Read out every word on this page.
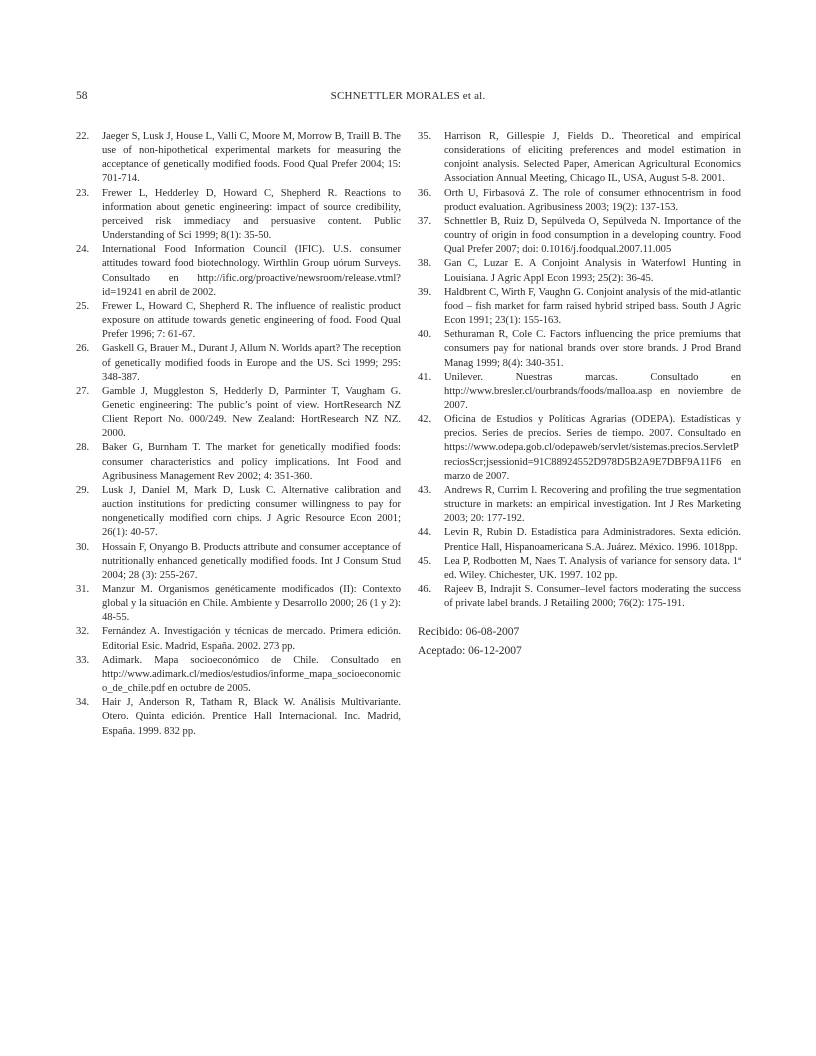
58	SCHNETTLER MORALES et al.
22. Jaeger S, Lusk J, House L, Valli C, Moore M, Morrow B, Traill B. The use of non-hipothetical experimental markets for measuring the acceptance of genetically modified foods. Food Qual Prefer 2004; 15: 701-714.
23. Frewer L, Hedderley D, Howard C, Shepherd R. Reactions to information about genetic engineering: impact of source credibility, perceived risk immediacy and persuasive content. Public Understanding of Sci 1999; 8(1): 35-50.
24. International Food Information Council (IFIC). U.S. consumer attitudes toward food biotechnology. Wirthlin Group uórum Surveys. Consultado en http://ific.org/proactive/newsroom/release.vtml?id=19241 en abril de 2002.
25. Frewer L, Howard C, Shepherd R. The influence of realistic product exposure on attitude towards genetic engineering of food. Food Qual Prefer 1996; 7: 61-67.
26. Gaskell G, Brauer M., Durant J, Allum N. Worlds apart? The reception of genetically modified foods in Europe and the US. Sci 1999; 295: 348-387.
27. Gamble J, Muggleston S, Hedderly D, Parminter T, Vaugham G. Genetic engineering: The public’s point of view. HortResearch NZ Client Report No. 000/249. New Zealand: HortResearch NZ NZ. 2000.
28. Baker G, Burnham T. The market for genetically modified foods: consumer characteristics and policy implications. Int Food and Agribusiness Management Rev 2002; 4: 351-360.
29. Lusk J, Daniel M, Mark D, Lusk C. Alternative calibration and auction institutions for predicting consumer willingness to pay for nongenetically modified corn chips. J Agric Resource Econ 2001; 26(1): 40-57.
30. Hossain F, Onyango B. Products attribute and consumer acceptance of nutritionally enhanced genetically modified foods. Int J Consum Stud 2004; 28 (3): 255-267.
31. Manzur M. Organismos genéticamente modificados (II): Contexto global y la situación en Chile. Ambiente y Desarrollo 2000; 26 (1 y 2): 48-55.
32. Fernández A. Investigación y técnicas de mercado. Primera edición. Editorial Esic. Madrid, España. 2002. 273 pp.
33. Adimark. Mapa socioeconómico de Chile. Consultado en http://www.adimark.cl/medios/estudios/informe_mapa_socioeconomico_de_chile.pdf en octubre de 2005.
34. Hair J, Anderson R, Tatham R, Black W. Análisis Multivariante. Otero. Quinta edición. Prentice Hall Internacional. Inc. Madrid, España. 1999. 832 pp.
35. Harrison R, Gillespie J, Fields D.. Theoretical and empirical considerations of eliciting preferences and model estimation in conjoint analysis. Selected Paper, American Agricultural Economics Association Annual Meeting, Chicago IL, USA, August 5-8. 2001.
36. Orth U, Firbasová Z. The role of consumer ethnocentrism in food product evaluation. Agribusiness 2003; 19(2): 137-153.
37. Schnettler B, Ruiz D, Sepúlveda O, Sepúlveda N. Importance of the country of origin in food consumption in a developing country. Food Qual Prefer 2007; doi: 0.1016/j.foodqual.2007.11.005
38. Gan C, Luzar E. A Conjoint Analysis in Waterfowl Hunting in Louisiana. J Agric Appl Econ 1993; 25(2): 36-45.
39. Haldbrent C, Wirth F, Vaughn G. Conjoint analysis of the mid-atlantic food – fish market for farm raised hybrid striped bass. South J Agric Econ 1991; 23(1): 155-163.
40. Sethuraman R, Cole C. Factors influencing the price premiums that consumers pay for national brands over store brands. J Prod Brand Manag 1999; 8(4): 340-351.
41. Unilever. Nuestras marcas. Consultado en http://www.bresler.cl/ourbrands/foods/malloa.asp en noviembre de 2007.
42. Oficina de Estudios y Políticas Agrarias (ODEPA). Estadísticas y precios. Series de precios. Series de tiempo. 2007. Consultado en https://www.odepa.gob.cl/odepaweb/servlet/sistemas.precios.ServletPreciosScr;jsessionid=91C88924552D978D5B2A9E7DBF9A11F6 en marzo de 2007.
43. Andrews R, Currim I. Recovering and profiling the true segmentation structure in markets: an empirical investigation. Int J Res Marketing 2003; 20: 177-192.
44. Levin R, Rubin D. Estadística para Administradores. Sexta edición. Prentice Hall, Hispanoamericana S.A. Juárez. México. 1996. 1018pp.
45. Lea P, Rodbotten M, Naes T. Analysis of variance for sensory data. 1ª ed. Wiley. Chichester, UK. 1997. 102 pp.
46. Rajeev B, Indrajit S. Consumer–level factors moderating the success of private label brands. J Retailing 2000; 76(2): 175-191.
Recibido: 06-08-2007
Aceptado: 06-12-2007
